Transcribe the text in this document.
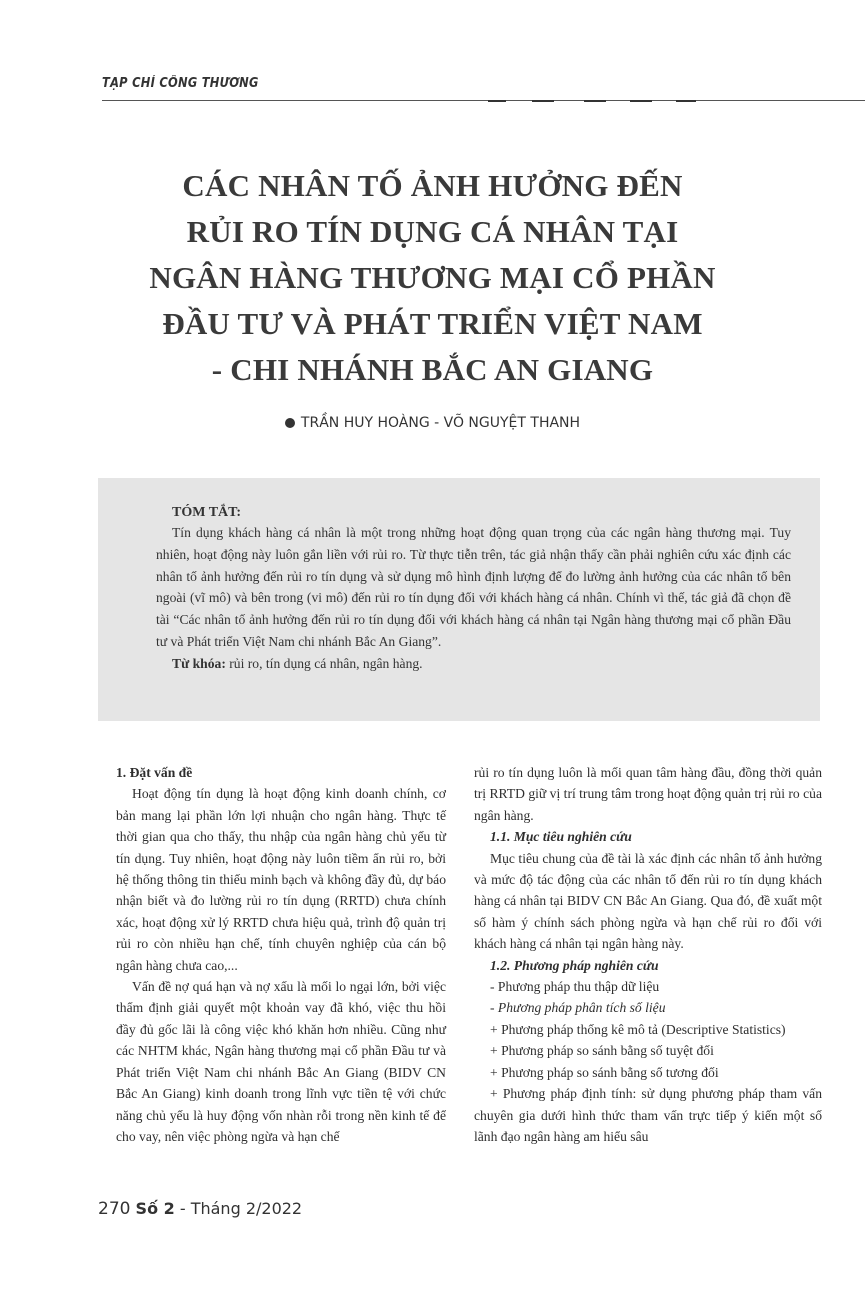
TẠP CHÍ CÔNG THƯƠNG
CÁC NHÂN TỐ ẢNH HƯỞNG ĐẾN
RỦI RO TÍN DỤNG CÁ NHÂN TẠI
NGÂN HÀNG THƯƠNG MẠI CỔ PHẦN
ĐẦU TƯ VÀ PHÁT TRIỂN VIỆT NAM
- CHI NHÁNH BẮC AN GIANG
TRẦN HUY HOÀNG - VÕ NGUYỆT THANH
TÓM TẮT:

Tín dụng khách hàng cá nhân là một trong những hoạt động quan trọng của các ngân hàng thương mại. Tuy nhiên, hoạt động này luôn gắn liền với rủi ro. Từ thực tiễn trên, tác giả nhận thấy cần phải nghiên cứu xác định các nhân tố ảnh hưởng đến rủi ro tín dụng và sử dụng mô hình định lượng để đo lường ảnh hưởng của các nhân tố bên ngoài (vĩ mô) và bên trong (vi mô) đến rủi ro tín dụng đối với khách hàng cá nhân. Chính vì thế, tác giả đã chọn đề tài “Các nhân tố ảnh hưởng đến rủi ro tín dụng đối với khách hàng cá nhân tại Ngân hàng thương mại cổ phần Đầu tư và Phát triển Việt Nam chi nhánh Bắc An Giang”.

Từ khóa: rủi ro, tín dụng cá nhân, ngân hàng.

1. Đặt vấn đề

Hoạt động tín dụng là hoạt động kinh doanh chính, cơ bản mang lại phần lớn lợi nhuận cho ngân hàng. Thực tế thời gian qua cho thấy, thu nhập của ngân hàng chủ yếu từ tín dụng. Tuy nhiên, hoạt động này luôn tiềm ẩn rủi ro, bởi hệ thống thông tin thiếu minh bạch và không đầy đủ, dự báo nhận biết và đo lường rủi ro tín dụng (RRTD) chưa chính xác, hoạt động xử lý RRTD chưa hiệu quả, trình độ quản trị rủi ro còn nhiều hạn chế, tính chuyên nghiệp của cán bộ ngân hàng chưa cao,...

Vấn đề nợ quá hạn và nợ xấu là mối lo ngại lớn, bởi việc thẩm định giải quyết một khoản vay đã khó, việc thu hồi đầy đủ gốc lãi là công việc khó khăn hơn nhiều. Cũng như các NHTM khác, Ngân hàng thương mại cổ phần Đầu tư và Phát triển Việt Nam chi nhánh Bắc An Giang (BIDV CN Bắc An Giang) kinh doanh trong lĩnh vực tiền tệ với chức năng chủ yếu là huy động vốn nhàn rỗi trong nền kinh tế để cho vay, nên việc phòng ngừa và hạn chế

rủi ro tín dụng luôn là mối quan tâm hàng đầu, đồng thời quản trị RRTD giữ vị trí trung tâm trong hoạt động quản trị rủi ro của ngân hàng.

1.1. Mục tiêu nghiên cứu

Mục tiêu chung của đề tài là xác định các nhân tố ảnh hưởng và mức độ tác động của các nhân tố đến rủi ro tín dụng khách hàng cá nhân tại BIDV CN Bắc An Giang. Qua đó, đề xuất một số hàm ý chính sách phòng ngừa và hạn chế rủi ro đối với khách hàng cá nhân tại ngân hàng này.

1.2. Phương pháp nghiên cứu

- Phương pháp thu thập dữ liệu

- Phương pháp phân tích số liệu

+ Phương pháp thống kê mô tả (Descriptive Statistics)

+ Phương pháp so sánh bằng số tuyệt đối

+ Phương pháp so sánh bằng số tương đối

+ Phương pháp định tính: sử dụng phương pháp tham vấn chuyên gia dưới hình thức tham vấn trực tiếp ý kiến một số lãnh đạo ngân hàng am hiểu sâu

270 Số 2 - Tháng 2/2022
